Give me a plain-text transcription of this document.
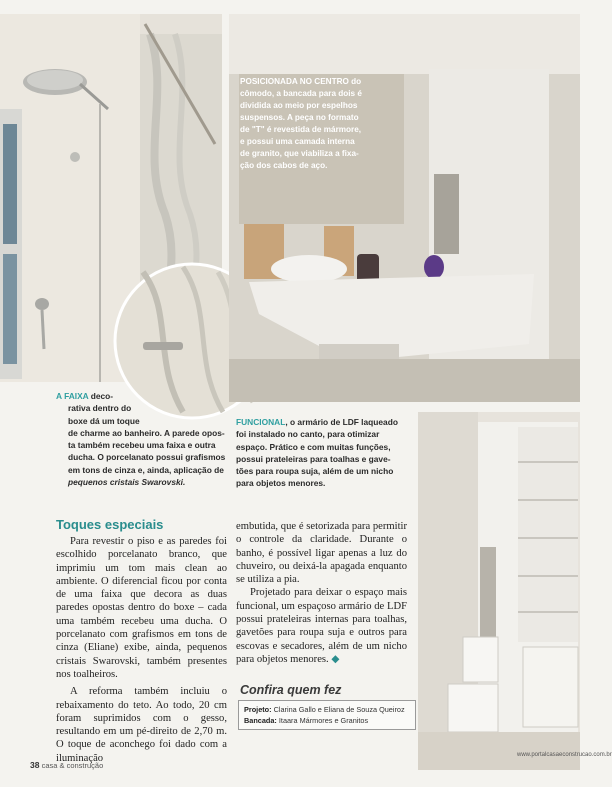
POSICIONADA NO CENTRO do
cômodo, a bancada para dois é
dividida ao meio por espelhos
suspensos. A peça no formato
de "T" é revestida de mármore,
e possui uma camada interna
de granito, que viabiliza a fixa-
ção dos cabos de aço.
A FAIXA deco-
rativa dentro do
boxe dá um toque
de charme ao banheiro. A parede opos-
ta também recebeu uma faixa e outra
ducha. O porcelanato possui grafismos
em tons de cinza e, ainda, aplicação de
pequenos cristais Swarovski.
FUNCIONAL, o armário de LDF laqueado
foi instalado no canto, para otimizar
espaço. Prático e com muitas funções,
possui prateleiras para toalhas e gave-
tões para roupa suja, além de um nicho
para objetos menores.
Toques especiais

Para revestir o piso e as paredes foi escolhido porcelanato branco, que imprimiu um tom mais clean ao ambiente. O diferencial ficou por conta de uma faixa que decora as duas paredes opostas dentro do boxe – cada uma também recebeu uma ducha. O porcelanato com grafismos em tons de cinza (Eliane) exibe, ainda, pequenos cristais Swarovski, também presentes nos toalheiros.

A reforma também incluiu o rebaixamento do teto. Ao todo, 20 cm foram suprimidos com o gesso, resultando em um pé-direito de 2,70 m. O toque de aconchego foi dado com a iluminação

embutida, que é setorizada para permitir o controle da claridade. Durante o banho, é possível ligar apenas a luz do chuveiro, ou deixá-la apagada enquanto se utiliza a pia.

Projetado para deixar o espaço mais funcional, um espaçoso armário de LDF possui prateleiras internas para toalhas, gavetões para roupa suja e outros para escovas e secadores, além de um nicho para objetos menores. ◆

Confira quem fez
Projeto: Clarina Gallo e Eliana de Souza Queiroz
Bancada: Itaara Mármores e Granitos
38 casa & construção
www.portalcasaeconstrucao.com.br
